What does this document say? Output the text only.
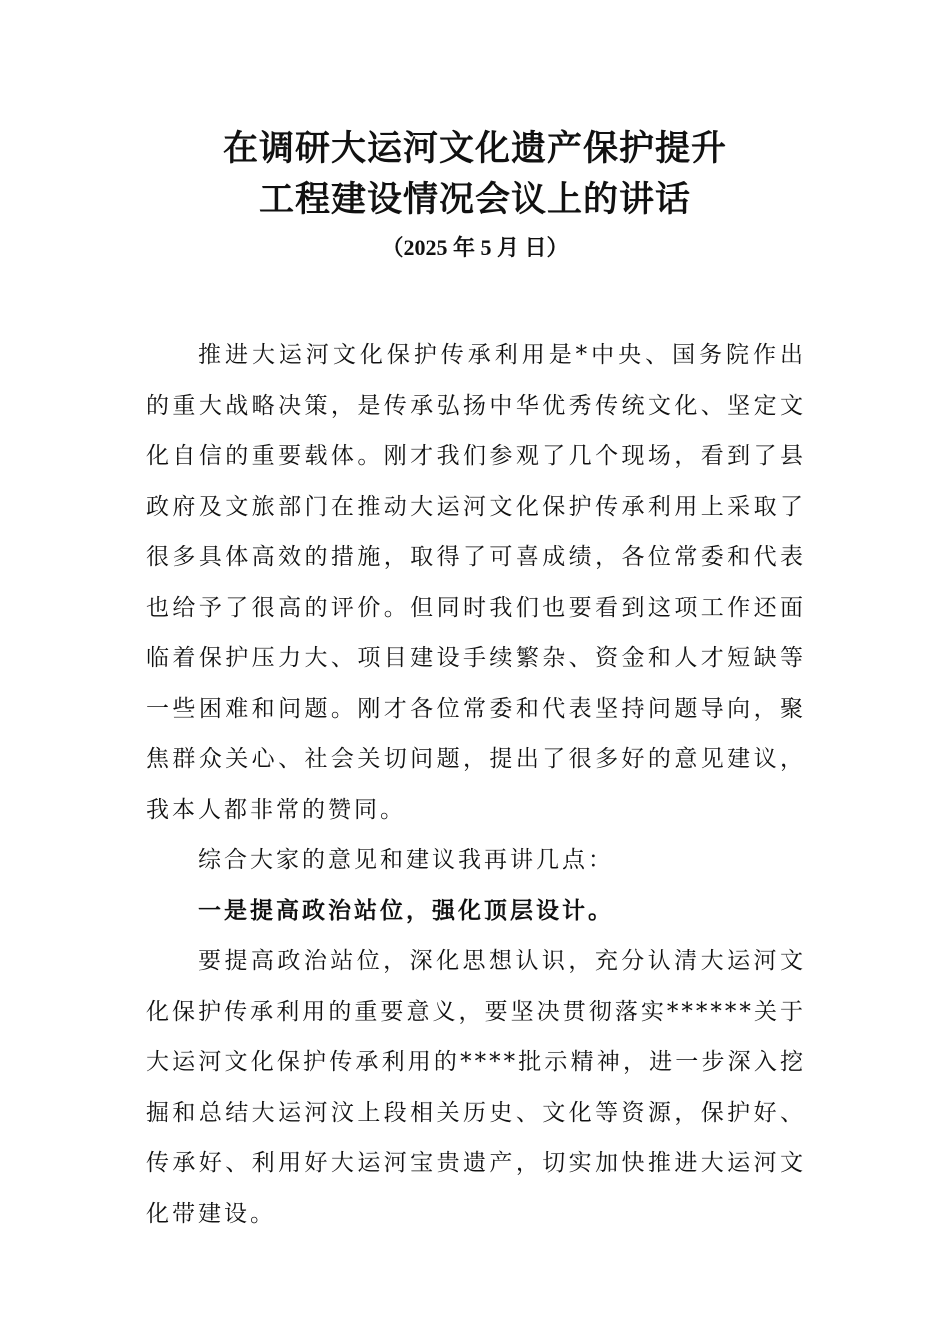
在调研大运河文化遗产保护提升
工程建设情况会议上的讲话
（2025 年 5 月 日）

推进大运河文化保护传承利用是*中央、国务院作出的重大战略决策，是传承弘扬中华优秀传统文化、坚定文化自信的重要载体。刚才我们参观了几个现场，看到了县政府及文旅部门在推动大运河文化保护传承利用上采取了很多具体高效的措施，取得了可喜成绩，各位常委和代表也给予了很高的评价。但同时我们也要看到这项工作还面临着保护压力大、项目建设手续繁杂、资金和人才短缺等一些困难和问题。刚才各位常委和代表坚持问题导向，聚焦群众关心、社会关切问题，提出了很多好的意见建议，我本人都非常的赞同。

综合大家的意见和建议我再讲几点：

一是提高政治站位，强化顶层设计。

要提高政治站位，深化思想认识，充分认清大运河文化保护传承利用的重要意义，要坚决贯彻落实******关于大运河文化保护传承利用的****批示精神，进一步深入挖掘和总结大运河汶上段相关历史、文化等资源，保护好、传承好、利用好大运河宝贵遗产，切实加快推进大运河文化带建设。
